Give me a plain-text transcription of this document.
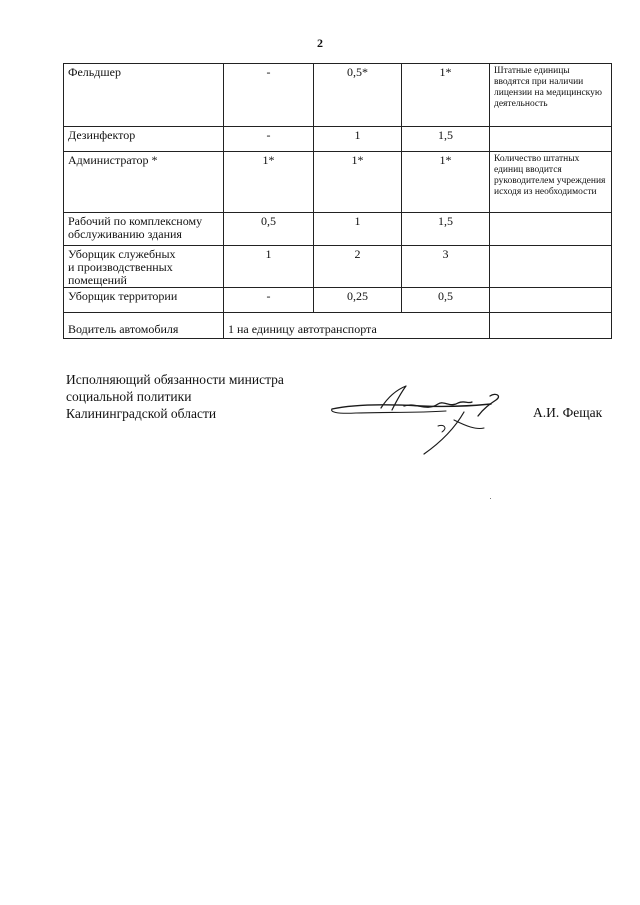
2
Фельдшер	-	0,5*	1*	Штатные единицы вводятся при наличии лицензии на медицинскую деятельность
Дезинфектор	-	1	1,5	
Администратор *	1*	1*	1*	Количество штатных единиц вводится руководителем учреждения исходя из необходимости
Рабочий по комплексному обслуживанию здания	0,5	1	1,5	

Уборщик служебных
и производственных
помещений	1	2	3	
Уборщик территории	-	0,25	0,5	
Водитель автомобиля	1 на единицу автотранспорта			
Исполняющий обязанности министра
социальной политики
Калининградской области	А.И. Фещак
